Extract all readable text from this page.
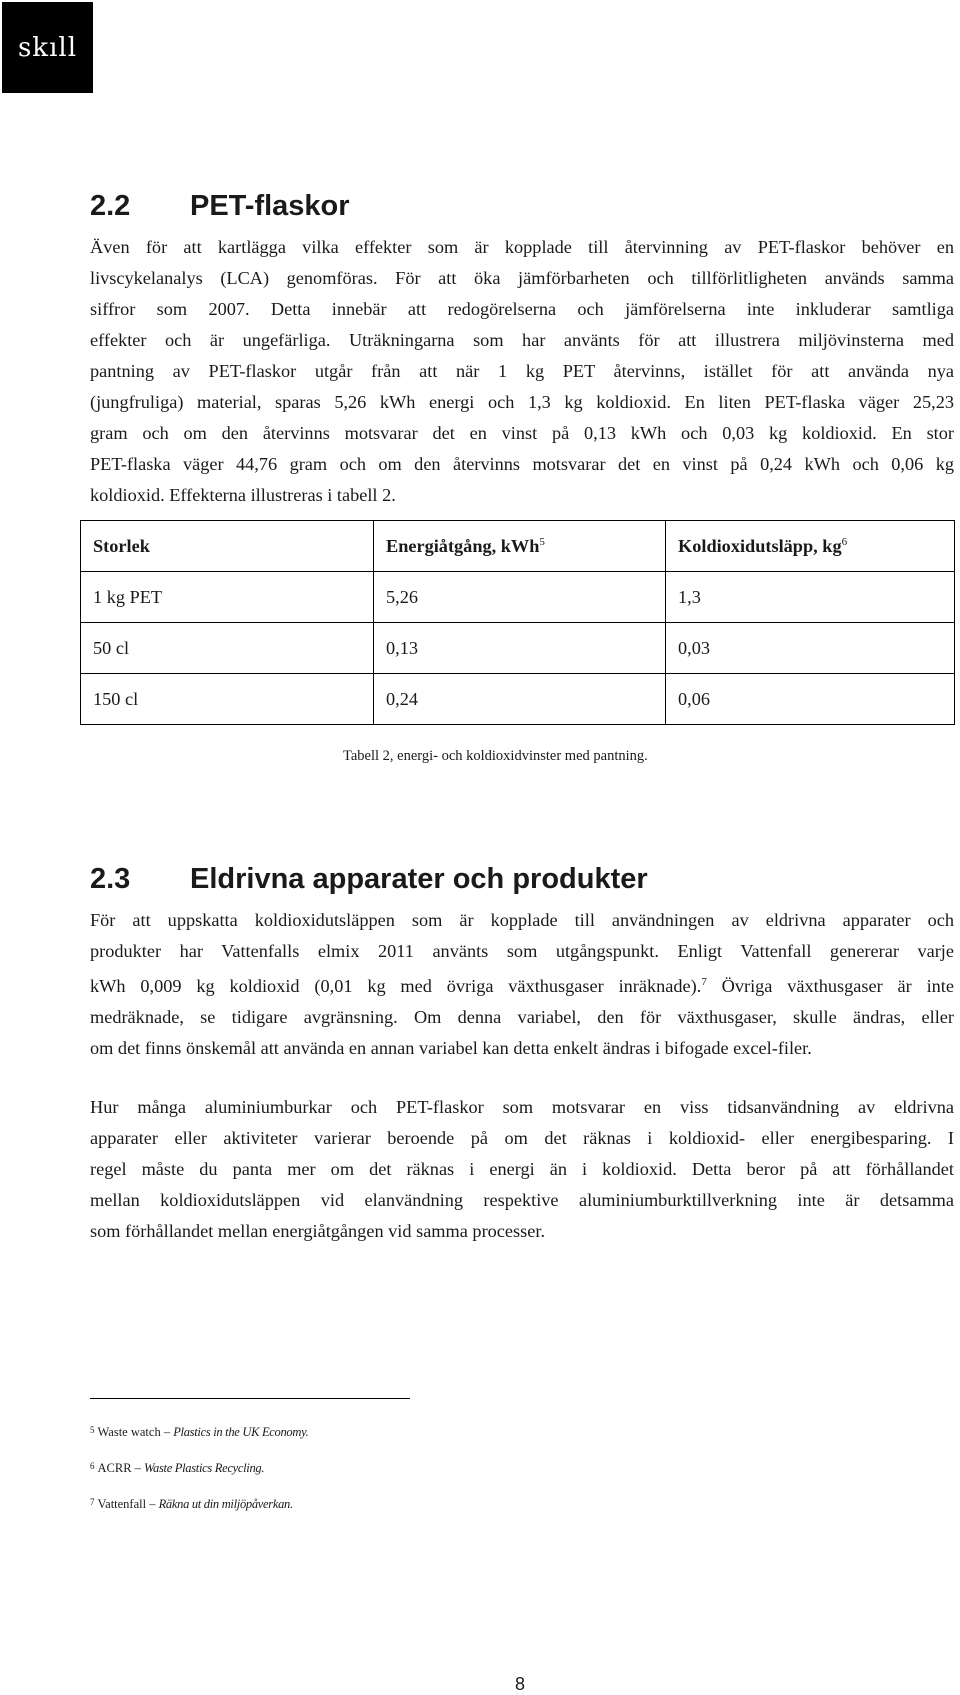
skıll
2.2 PET-flaskor
Även för att kartlägga vilka effekter som är kopplade till återvinning av PET-flaskor behöver en
livscykelanalys (LCA) genomföras. För att öka jämförbarheten och tillförlitligheten används samma
siffror som 2007. Detta innebär att redogörelserna och jämförelserna inte inkluderar samtliga
effekter och är ungefärliga. Uträkningarna som har använts för att illustrera miljövinsterna med
pantning av PET-flaskor utgår från att när 1 kg PET återvinns, istället för att använda nya
(jungfruliga) material, sparas 5,26 kWh energi och 1,3 kg koldioxid. En liten PET-flaska väger 25,23
gram och om den återvinns motsvarar det en vinst på 0,13 kWh och 0,03 kg koldioxid. En stor
PET-flaska väger 44,76 gram och om den återvinns motsvarar det en vinst på 0,24 kWh och 0,06 kg
koldioxid. Effekterna illustreras i tabell 2.
Storlek	Energiåtgång, kWh$^5$	Koldioxidutsläpp, $kg^6$
1 kg PET	5,26	1,3
50 cl	0,13	0,03
150 cl	0,24	0,06
Tabell 2, energi- och koldioxidvinster med pantning.
2.3 Eldrivna apparater och produkter
För att uppskatta koldioxidutsläppen som är kopplade till användningen av eldrivna apparater och
produkter har Vattenfalls elmix 2011 använts som utgångspunkt. Enligt Vattenfall genererar varje
kWh 0,009 kg koldioxid (0,01 kg med övriga växthusgaser inräknade).$^7$ Övriga växthusgaser är inte
medräknade, se tidigare avgränsning. Om denna variabel, den för växthusgaser, skulle ändras, eller
om det finns önskemål att använda en annan variabel kan detta enkelt ändras i bifogade excel-filer.
Hur många aluminiumburkar och PET-flaskor som motsvarar en viss tidsanvändning av eldrivna
apparater eller aktiviteter varierar beroende på om det räknas i koldioxid- eller energibesparing. I
regel måste du panta mer om det räknas i energi än i koldioxid. Detta beror på att förhållandet
mellan koldioxidutsläppen vid elanvändning respektive aluminiumburktillverkning inte är detsamma
som förhållandet mellan energiåtgången vid samma processer.
$^5$ Waste watch – Plastics in the UK Economy.
$^6$ ACRR – Waste Plastics Recycling.
$^7$ Vattenfall – Räkna ut din miljöpåverkan.
8
